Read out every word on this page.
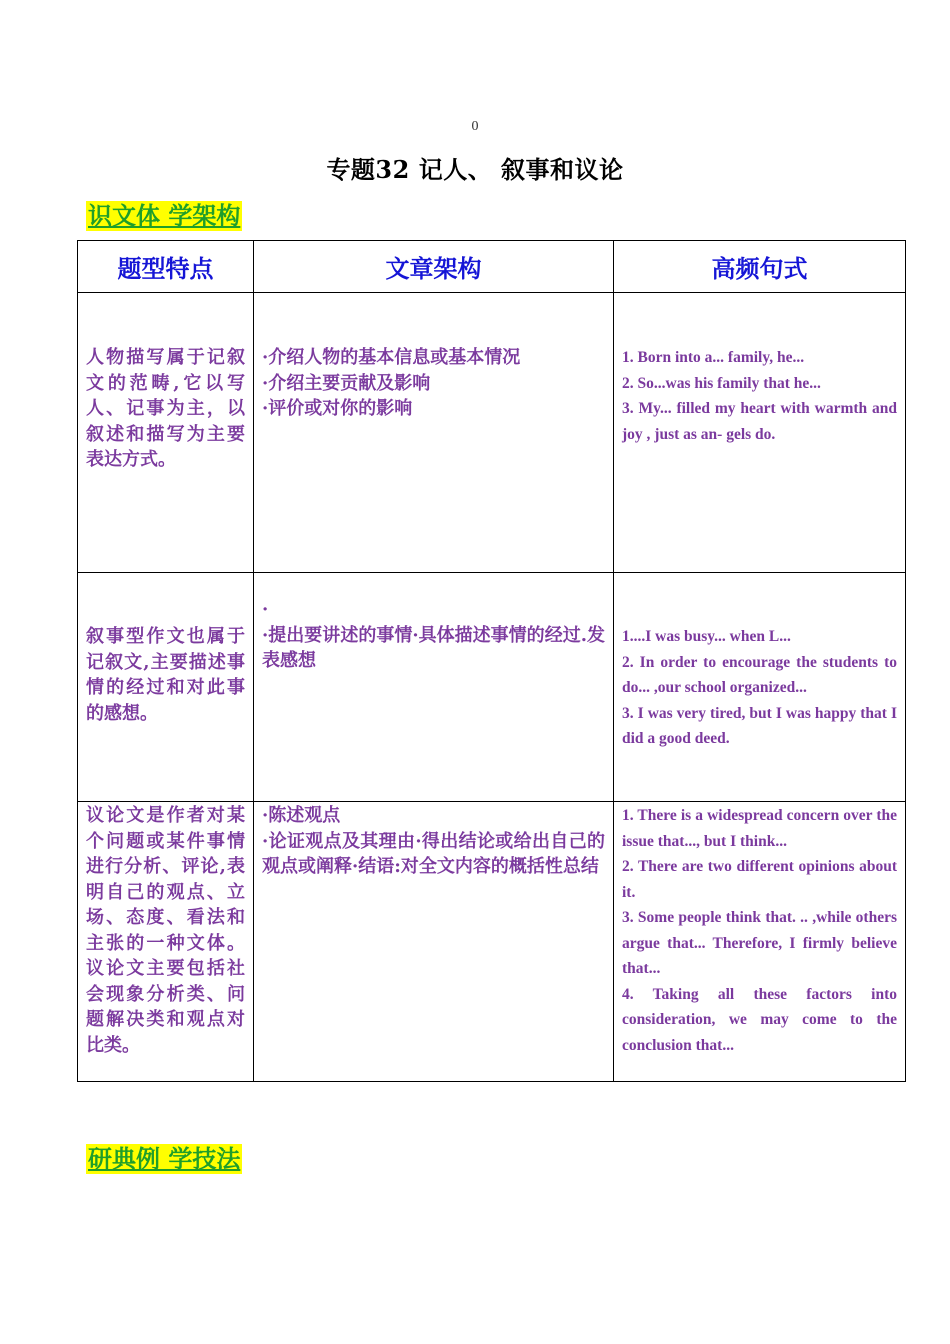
0
专题32 记人、 叙事和议论
识文体 学架构
题型特点	文章架构	高频句式

人物描写属于记叙文的范畴,它以写人、记事为主，以叙述和描写为主要表达方式。	·介绍人物的基本信息或基本情况
·介绍主要贡献及影响
·评价或对你的影响	1. Born into a... family, he...
2. So...was his family that he...
3. My... filled my heart with warmth and joy , just as an- gels do.

叙事型作文也属于记叙文,主要描述事情的经过和对此事的感想。	·
·提出要讲述的事情·具体描述事情的经过.发表感想	1....I was busy... when L...
2. In order to encourage the students to do... ,our school organized...
3. I was very tired, but I was happy that I did a good deed.

议论文是作者对某个问题或某件事情进行分析、评论,表明自己的观点、立场、态度、看法和主张的一种文体。议论文主要包括社会现象分析类、问题解决类和观点对比类。	·陈述观点
·论证观点及其理由·得出结论或给出自己的观点或阐释·结语:对全文内容的概括性总结	1. There is a widespread concern over the issue that..., but I think...
2. There are two different opinions about it.
3. Some people think that. .. ,while others argue that... Therefore, I firmly believe that...
4. Taking all these factors into consideration, we may come to the conclusion that...
研典例 学技法
